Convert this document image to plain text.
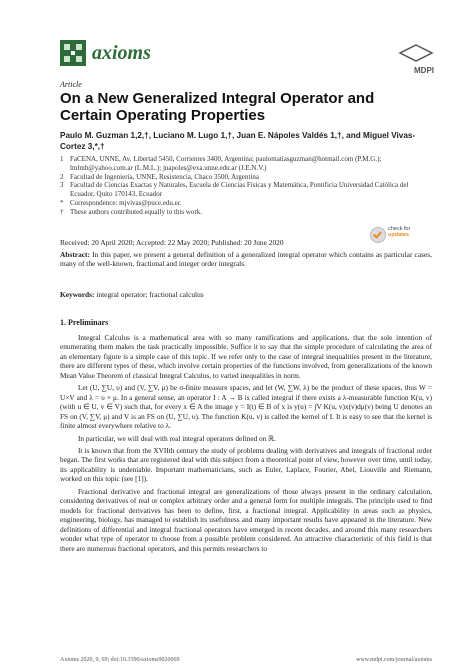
axioms
MDPI
Article
On a New Generalized Integral Operator and Certain Operating Properties
Paulo M. Guzman 1,2,†, Luciano M. Lugo 1,†, Juan E. Nápoles Valdés 1,†, and Miguel Vivas-Cortez 3,*,†
1 FaCENA, UNNE, Av. Libertad 5450, Corrientes 3400, Argentina; paulomatiasguzman@hotmail.com (P.M.G.); lmlmb@yahoo.com.ar (L.M.L.); jnapoles@exa.unne.edu.ar (J.E.N.V.)
2 Facultad de Ingeniería, UNNE, Resistencia, Chaco 3500, Argentina
3 Facultad de Ciencias Exactas y Naturales, Escuela de Ciencias Físicas y Matemática, Pontificia Universidad Católica del Ecuador, Quito 170143, Ecuador
* Correspondence: mjvivas@puce.edu.ec
† These authors contributed equally to this work.
check for
updates
Received: 20 April 2020; Accepted: 22 May 2020; Published: 20 June 2020
Abstract: In this paper, we present a general definition of a generalized integral operator which contains as particular cases, many of the well-known, fractional and integer order integrals.
Keywords: integral operator; fractional calculus
1. Preliminars

Integral Calculus is a mathematical area with so many ramifications and applications, that the sole intention of enumerating them makes the task practically impossible. Suffice it to say that the simple procedure of calculating the area of an elementary figure is a simple case of this topic. If we refer only to the case of integral inequalities present in the literature, there are different types of these, which involve certain properties of the functions involved, from generalizations of the known Mean Value Theorem of classical Integral Calculus, to varied inequalities in norm.

Let (U, ∑U, υ) and (V, ∑V, μ) be σ-finite measure spaces, and let (W, ∑W, λ) be the product of these spaces, thus W = U×V and λ = υ × μ. In a general sense, an operator I : A → B is called integral if there exists a λ-measurable function K(u, v) (with u ∈ U, v ∈ V) such that, for every x ∈ A the image y = I(t) ∈ B of x is y(u) = ∫V K(u, v)x(v)dμ(v) being U denotes an FS on (V, ∑V, μ) and V is an FS on (U, ∑U, υ). The function K(u, v) is called the kernel of I. It is easy to see that the kernel is finite almost everywhere relative to λ.

In particular, we will deal with real integral operators defined on ℝ.

It is known that from the XVIIth century the study of problems dealing with derivatives and integrals of fractional order began. The first works that are registered deal with this subject from a theoretical point of view, however over time, until today, its applicability is undeniable. Important mathematicians, such as Euler, Laplace, Fourier, Abel, Liouville and Riemann, worked on this topic (see [1]).

Fractional derivative and fractional integral are generalizations of those always present in the ordinary calculation, considering derivatives of real or complex arbitrary order and a general form for multiple integrals. The principle used to find models for fractional derivatives has been to define, first, a fractional integral. Applicability in areas such as physics, engineering, biology, has managed to establish its usefulness and many important results have appeared in the literature. New definitions of differential and integral fractional operators have emerged in recent decades, and around this many researchers wonder what type of operator to choose from a possible problem considered. An attractive characteristic of this field is that there are numerous fractional operators, and this permits researchers to

Axioms 2020, 9, 69; doi:10.3390/axioms9020069	www.mdpi.com/journal/axioms
